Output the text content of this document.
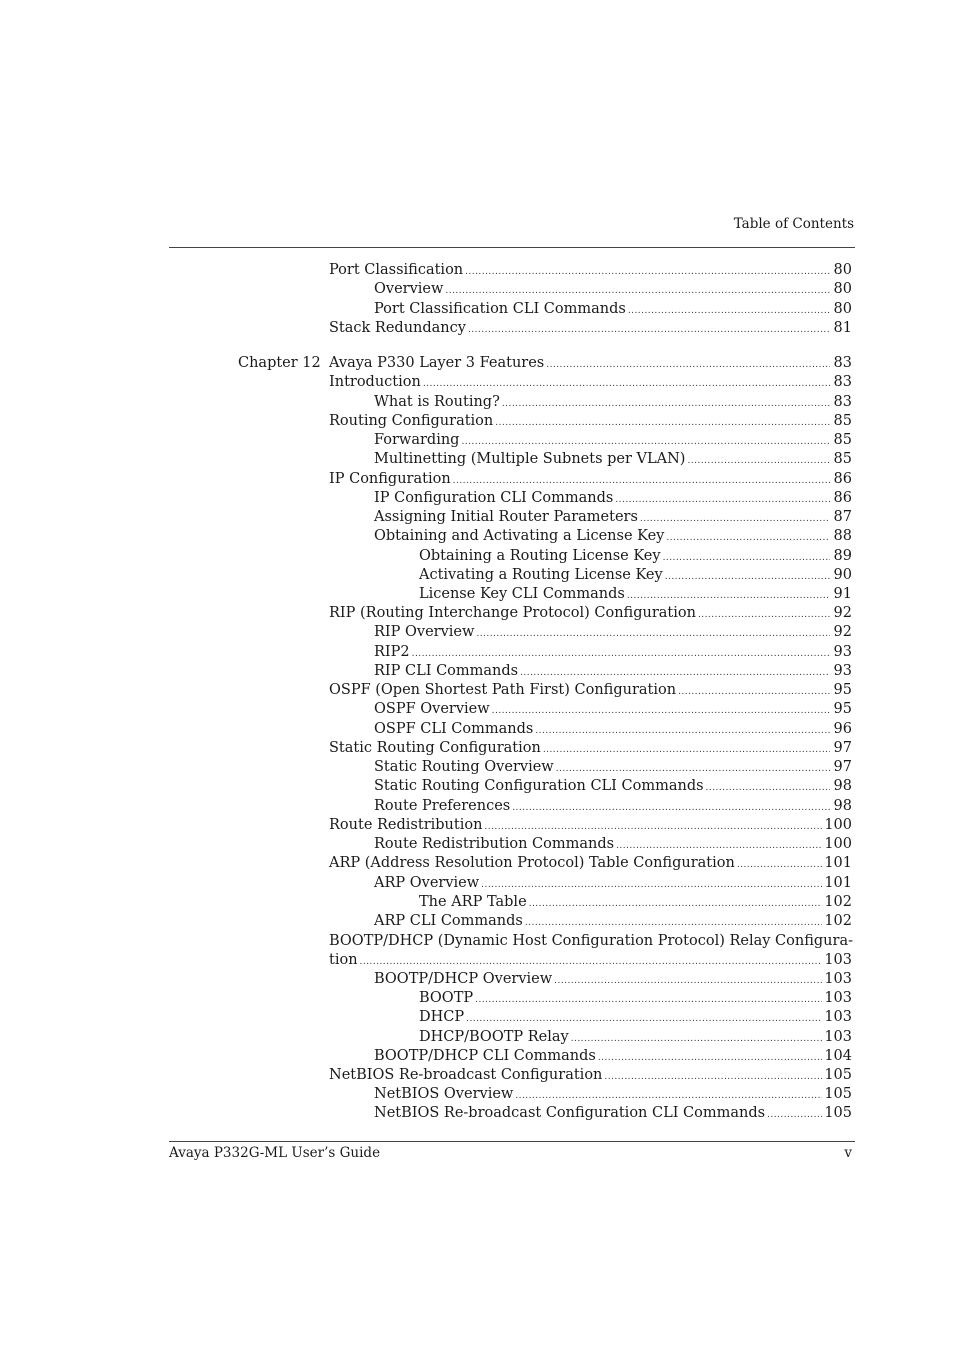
Table of Contents
Port Classification . . .	80
Overview . . .	80
Port Classification CLI Commands . . .	80
Stack Redundancy . . .	81
Chapter 12 Avaya P330 Layer 3 Features . . .	83
Introduction . . .	83
What is Routing? . . .	83
Routing Configuration . . .	85
Forwarding . . .	85
Multinetting (Multiple Subnets per VLAN) . . .	85
IP Configuration . . .	86
IP Configuration CLI Commands . . .	86
Assigning Initial Router Parameters . . .	87
Obtaining and Activating a License Key . . .	88
Obtaining a Routing License Key . . .	89
Activating a Routing License Key . . .	90
License Key CLI Commands . . .	91
RIP (Routing Interchange Protocol) Configuration . . .	92
RIP Overview . . .	92
RIP2 . . .	93
RIP CLI Commands . . .	93
OSPF (Open Shortest Path First) Configuration . . .	95
OSPF Overview . . .	95
OSPF CLI Commands . . .	96
Static Routing Configuration . . .	97
Static Routing Overview . . .	97
Static Routing Configuration CLI Commands . . .	98
Route Preferences . . .	98
Route Redistribution . . .	100
Route Redistribution Commands . . .	100
ARP (Address Resolution Protocol) Table Configuration . . .	101
ARP Overview . . .	101
The ARP Table . . .	102
ARP CLI Commands . . .	102
BOOTP/DHCP (Dynamic Host Configuration Protocol) Relay Configura-
tion . . .	103
BOOTP/DHCP Overview . . .	103
BOOTP . . .	103
DHCP . . .	103
DHCP/BOOTP Relay . . .	103
BOOTP/DHCP CLI Commands . . .	104
NetBIOS Re-broadcast Configuration . . .	105
NetBIOS Overview . . .	105
NetBIOS Re-broadcast Configuration CLI Commands . . .	105
Avaya P332G-ML User’s Guide	v
